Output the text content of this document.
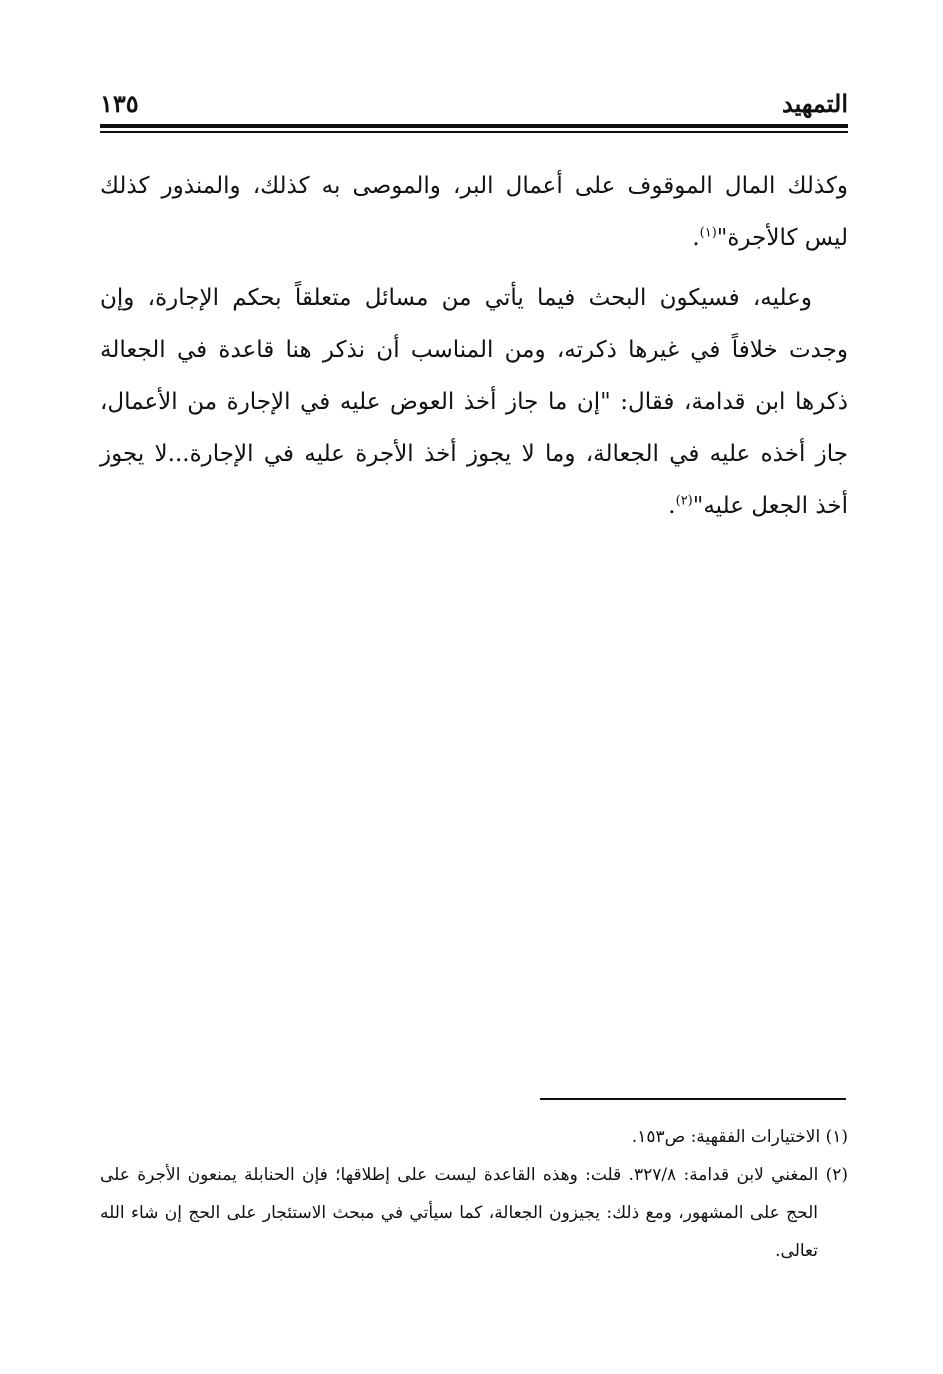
التمهيد
١٣٥

وكذلك المال الموقوف على أعمال البر، والموصى به كذلك، والمنذور كذلك ليس كالأجرة"$^{(١)}$.

وعليه، فسيكون البحث فيما يأتي من مسائل متعلقاً بحكم الإجارة، وإن وجدت خلافاً في غيرها ذكرته، ومن المناسب أن نذكر هنا قاعدة في الجعالة ذكرها ابن قدامة، فقال: "إن ما جاز أخذ العوض عليه في الإجارة من الأعمال، جاز أخذه عليه في الجعالة، وما لا يجوز أخذ الأجرة عليه في الإجارة...لا يجوز أخذ الجعل عليه"$^{(٢)}$.

(١) الاختيارات الفقهية: ص١٥٣.

(٢) المغني لابن قدامة: ٣٢٧/٨. قلت: وهذه القاعدة ليست على إطلاقها؛ فإن الحنابلة يمنعون الأجرة على الحج على المشهور، ومع ذلك: يجيزون الجعالة، كما سيأتي في مبحث الاستئجار على الحج إن شاء الله تعالى.
